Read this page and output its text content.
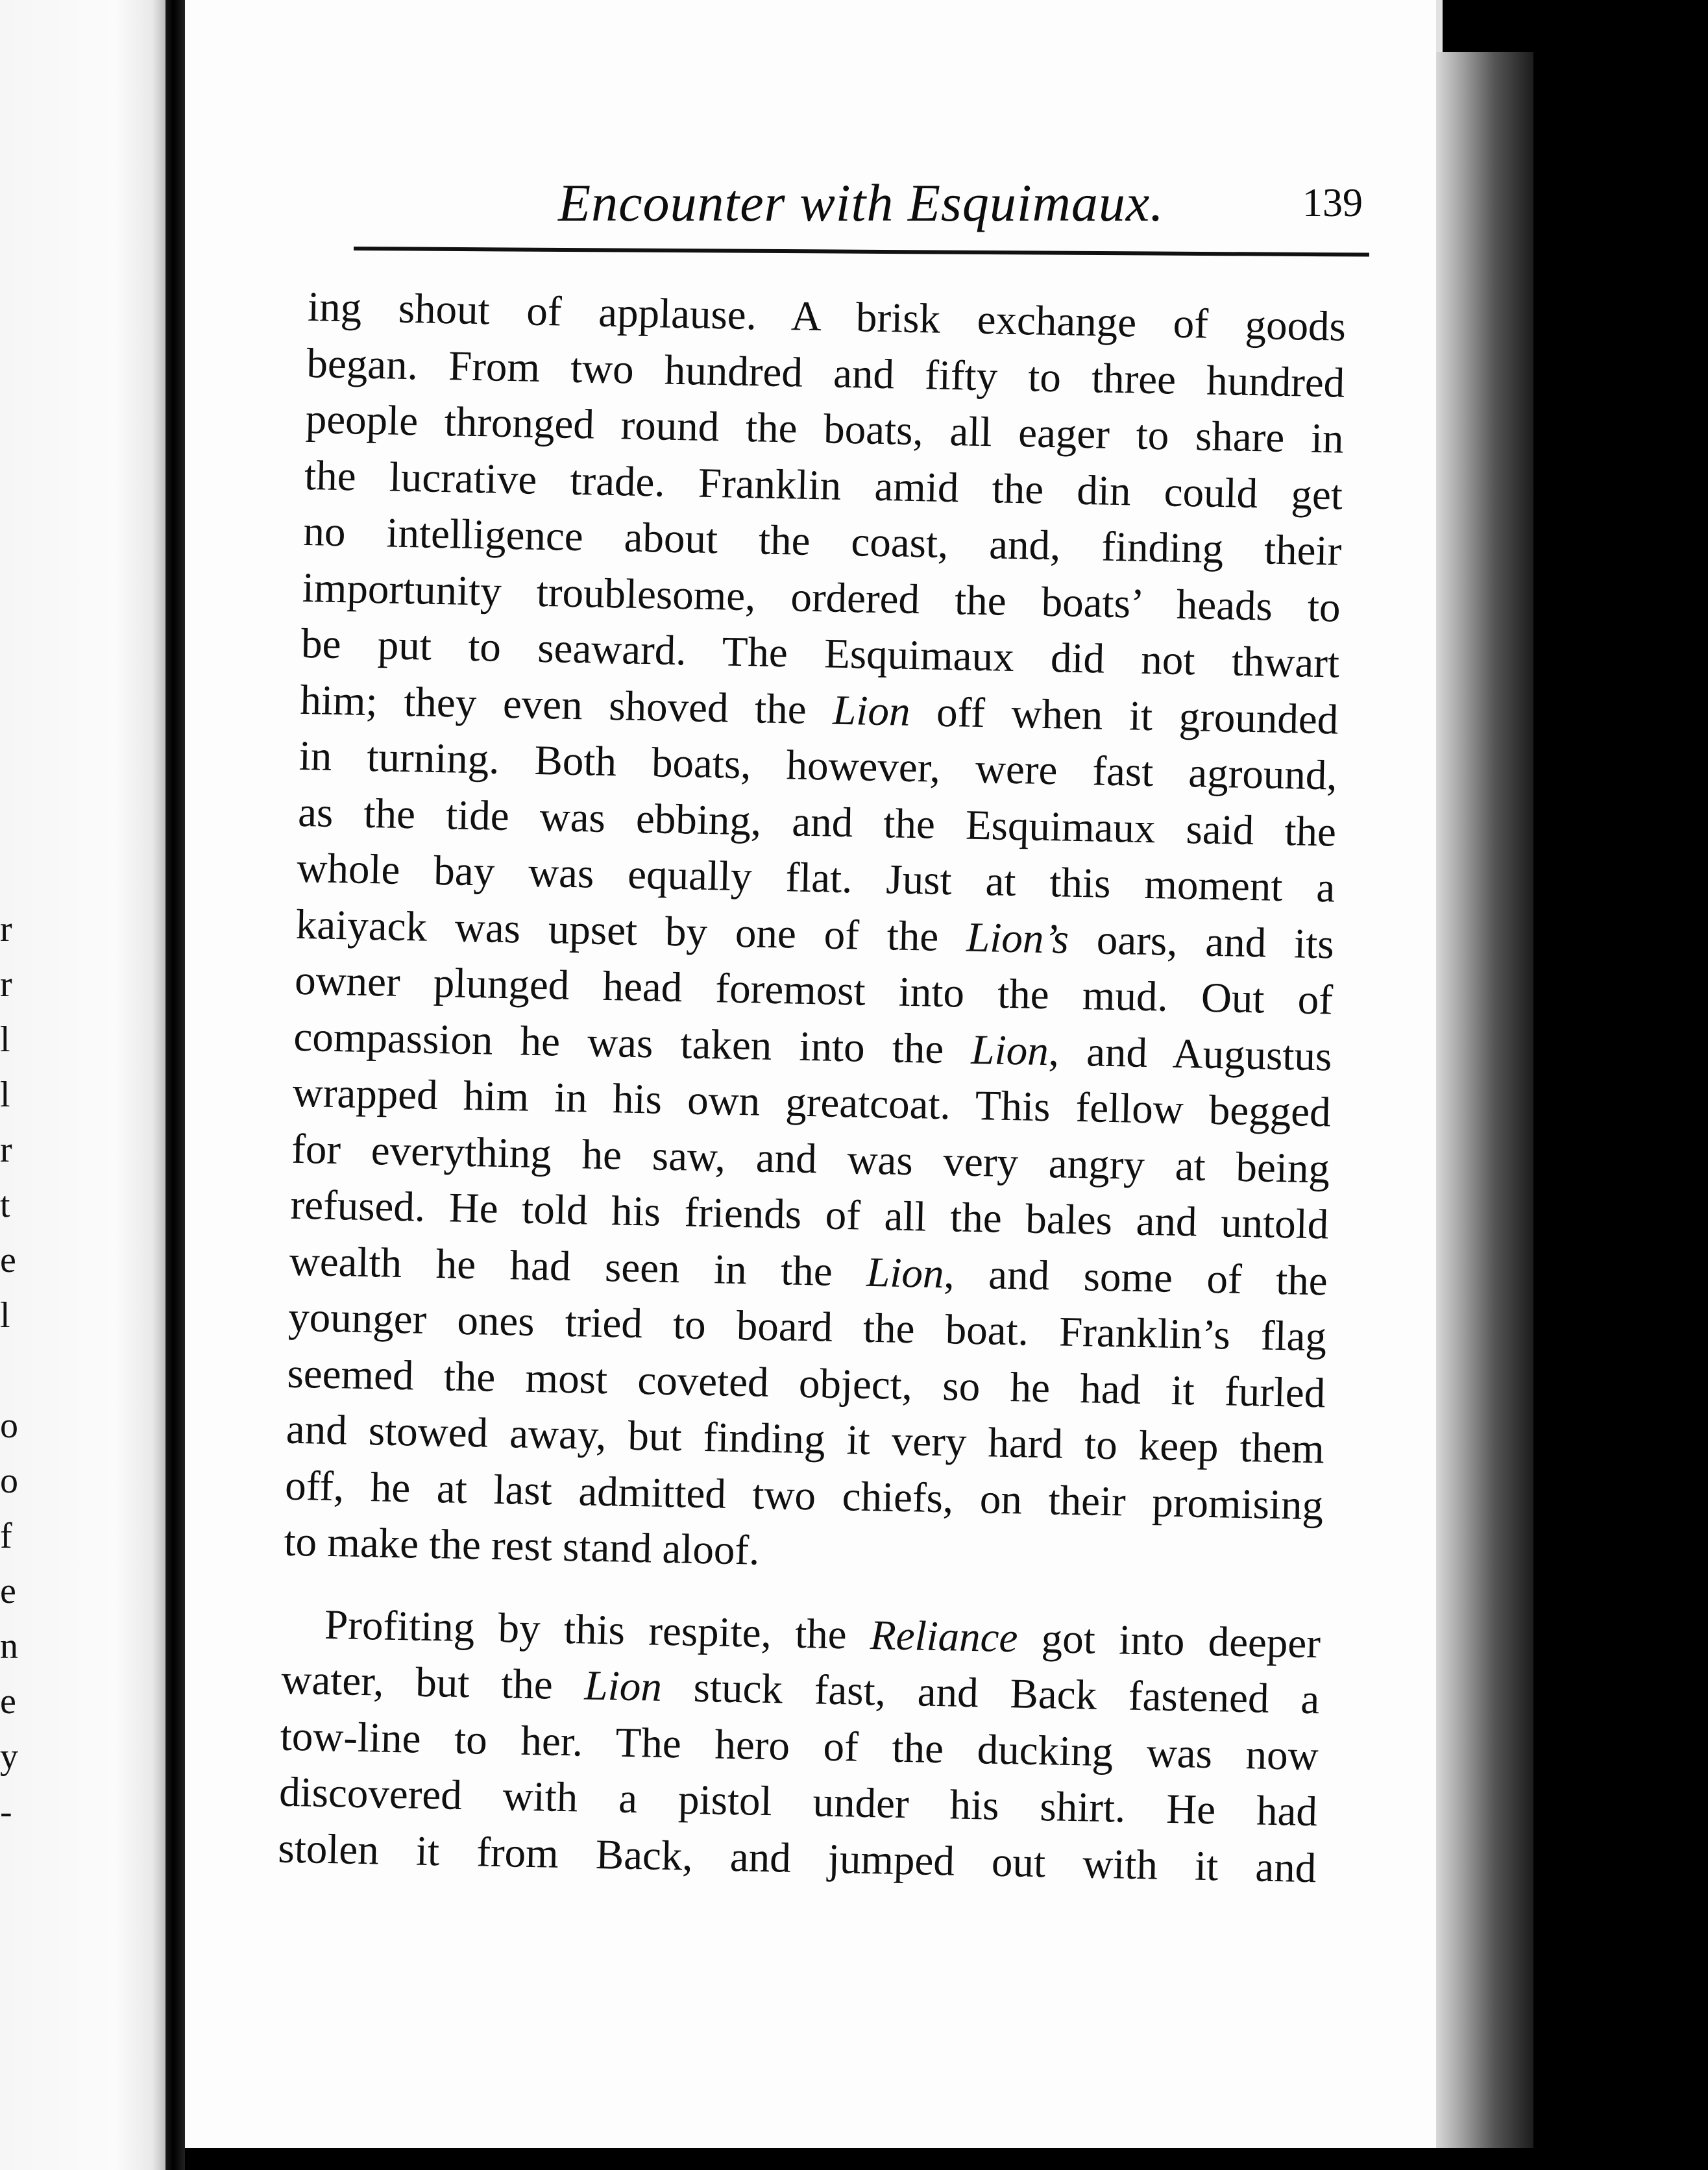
r
r
l
l
r
t
e
l
o
o
f
e
n
e
y
-
Encounter with Esquimaux.	139
ing shout of applause. A brisk exchange of goods
began. From two hundred and fifty to three hundred
people thronged round the boats, all eager to share in
the lucrative trade. Franklin amid the din could get
no intelligence about the coast, and, finding their
importunity troublesome, ordered the boats’ heads to
be put to seaward. The Esquimaux did not thwart
him; they even shoved the Lion off when it grounded
in turning. Both boats, however, were fast aground,
as the tide was ebbing, and the Esquimaux said the
whole bay was equally flat. Just at this moment a
kaiyack was upset by one of the Lion’s oars, and its
owner plunged head foremost into the mud. Out of
compassion he was taken into the Lion, and Augustus
wrapped him in his own greatcoat. This fellow begged
for everything he saw, and was very angry at being
refused. He told his friends of all the bales and untold
wealth he had seen in the Lion, and some of the
younger ones tried to board the boat. Franklin’s flag
seemed the most coveted object, so he had it furled
and stowed away, but finding it very hard to keep them
off, he at last admitted two chiefs, on their promising
to make the rest stand aloof.
Profiting by this respite, the Reliance got into deeper
water, but the Lion stuck fast, and Back fastened a
tow-line to her. The hero of the ducking was now
discovered with a pistol under his shirt. He had
stolen it from Back, and jumped out with it and
